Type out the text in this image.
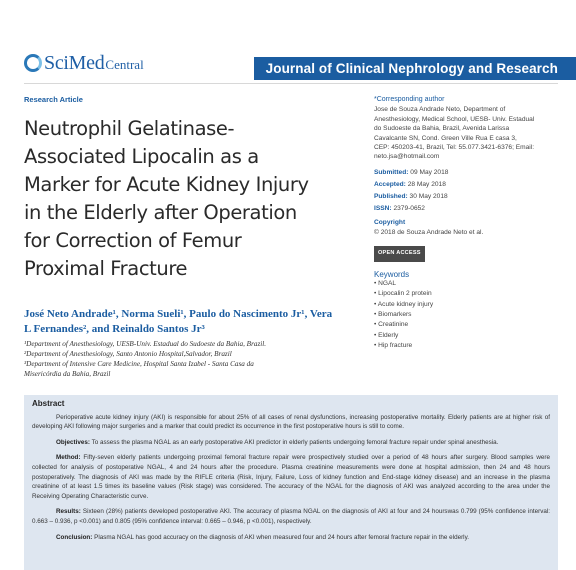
SciMed Central	Journal of Clinical Nephrology and Research
Research Article
Neutrophil Gelatinase-
Associated Lipocalin as a
Marker for Acute Kidney Injury
in the Elderly after Operation
for Correction of Femur
Proximal Fracture
José Neto Andrade¹, Norma Sueli¹, Paulo do Nascimento Jr¹, Vera
L Fernandes², and Reinaldo Santos Jr³
¹Department of Anesthesiology, UESB-Univ. Estadual do Sudoeste da Bahia, Brazil.
²Department of Anesthesiology, Santo Antonio Hospital,Salvador, Brazil
³Department of Intensive Care Medicine, Hospital Santa Izabel - Santa Casa da
Misericórdia da Bahia, Brazil
*Corresponding author
Jose de Souza Andrade Neto, Department of
Anesthesiology, Medical School, UESB- Univ. Estadual
do Sudoeste da Bahia, Brazil, Avenida Larissa
Cavalcante SN, Cond. Green Ville Rua E casa 3,
CEP: 450203-41, Brazil, Tel: 55.077.3421-6376; Email:
neto.jsa@hotmail.com
Submitted: 09 May 2018
Accepted: 28 May 2018
Published: 30 May 2018
ISSN: 2379-0652
Copyright
© 2018 de Souza Andrade Neto et al.
OPEN ACCESS
Keywords
• NGAL
• Lipocalin 2 protein
• Acute kidney injury
• Biomarkers
• Creatinine
• Elderly
• Hip fracture
Abstract
Perioperative acute kidney injury (AKI) is responsible for about 25% of all cases of renal dysfunctions, increasing postoperative mortality. Elderly patients are at higher risk of developing AKI following major surgeries and a marker that could predict its occurrence in the first postoperative hours is still to come.
Objectives: To assess the plasma NGAL as an early postoperative AKI predictor in elderly patients undergoing femoral fracture repair under spinal anesthesia.
Method: Fifty-seven elderly patients undergoing proximal femoral fracture repair were prospectively studied over a period of 48 hours after surgery. Blood samples were collected for analysis of postoperative NGAL, 4 and 24 hours after the procedure. Plasma creatinine measurements were done at hospital admission, then 24 and 48 hours postoperatively. The diagnosis of AKI was made by the RIFLE criteria (Risk, Injury, Failure, Loss of kidney function and End-stage kidney disease) and an increase in the plasma creatinine of at least 1.5 times its baseline values (Risk stage) was considered. The accuracy of the NGAL for the diagnosis of AKI was analyzed according to the area under the Receiving Operating Characteristic curve.
Results: Sixteen (28%) patients developed postoperative AKI. The accuracy of plasma NGAL on the diagnosis of AKI at four and 24 hourswas 0.799 (95% confidence interval: 0.663 – 0.936, p <0.001) and 0.805 (95% confidence interval: 0.665 – 0.946, p <0.001), respectively.
Conclusion: Plasma NGAL has good accuracy on the diagnosis of AKI when measured four and 24 hours after femoral fracture repair in the elderly.
